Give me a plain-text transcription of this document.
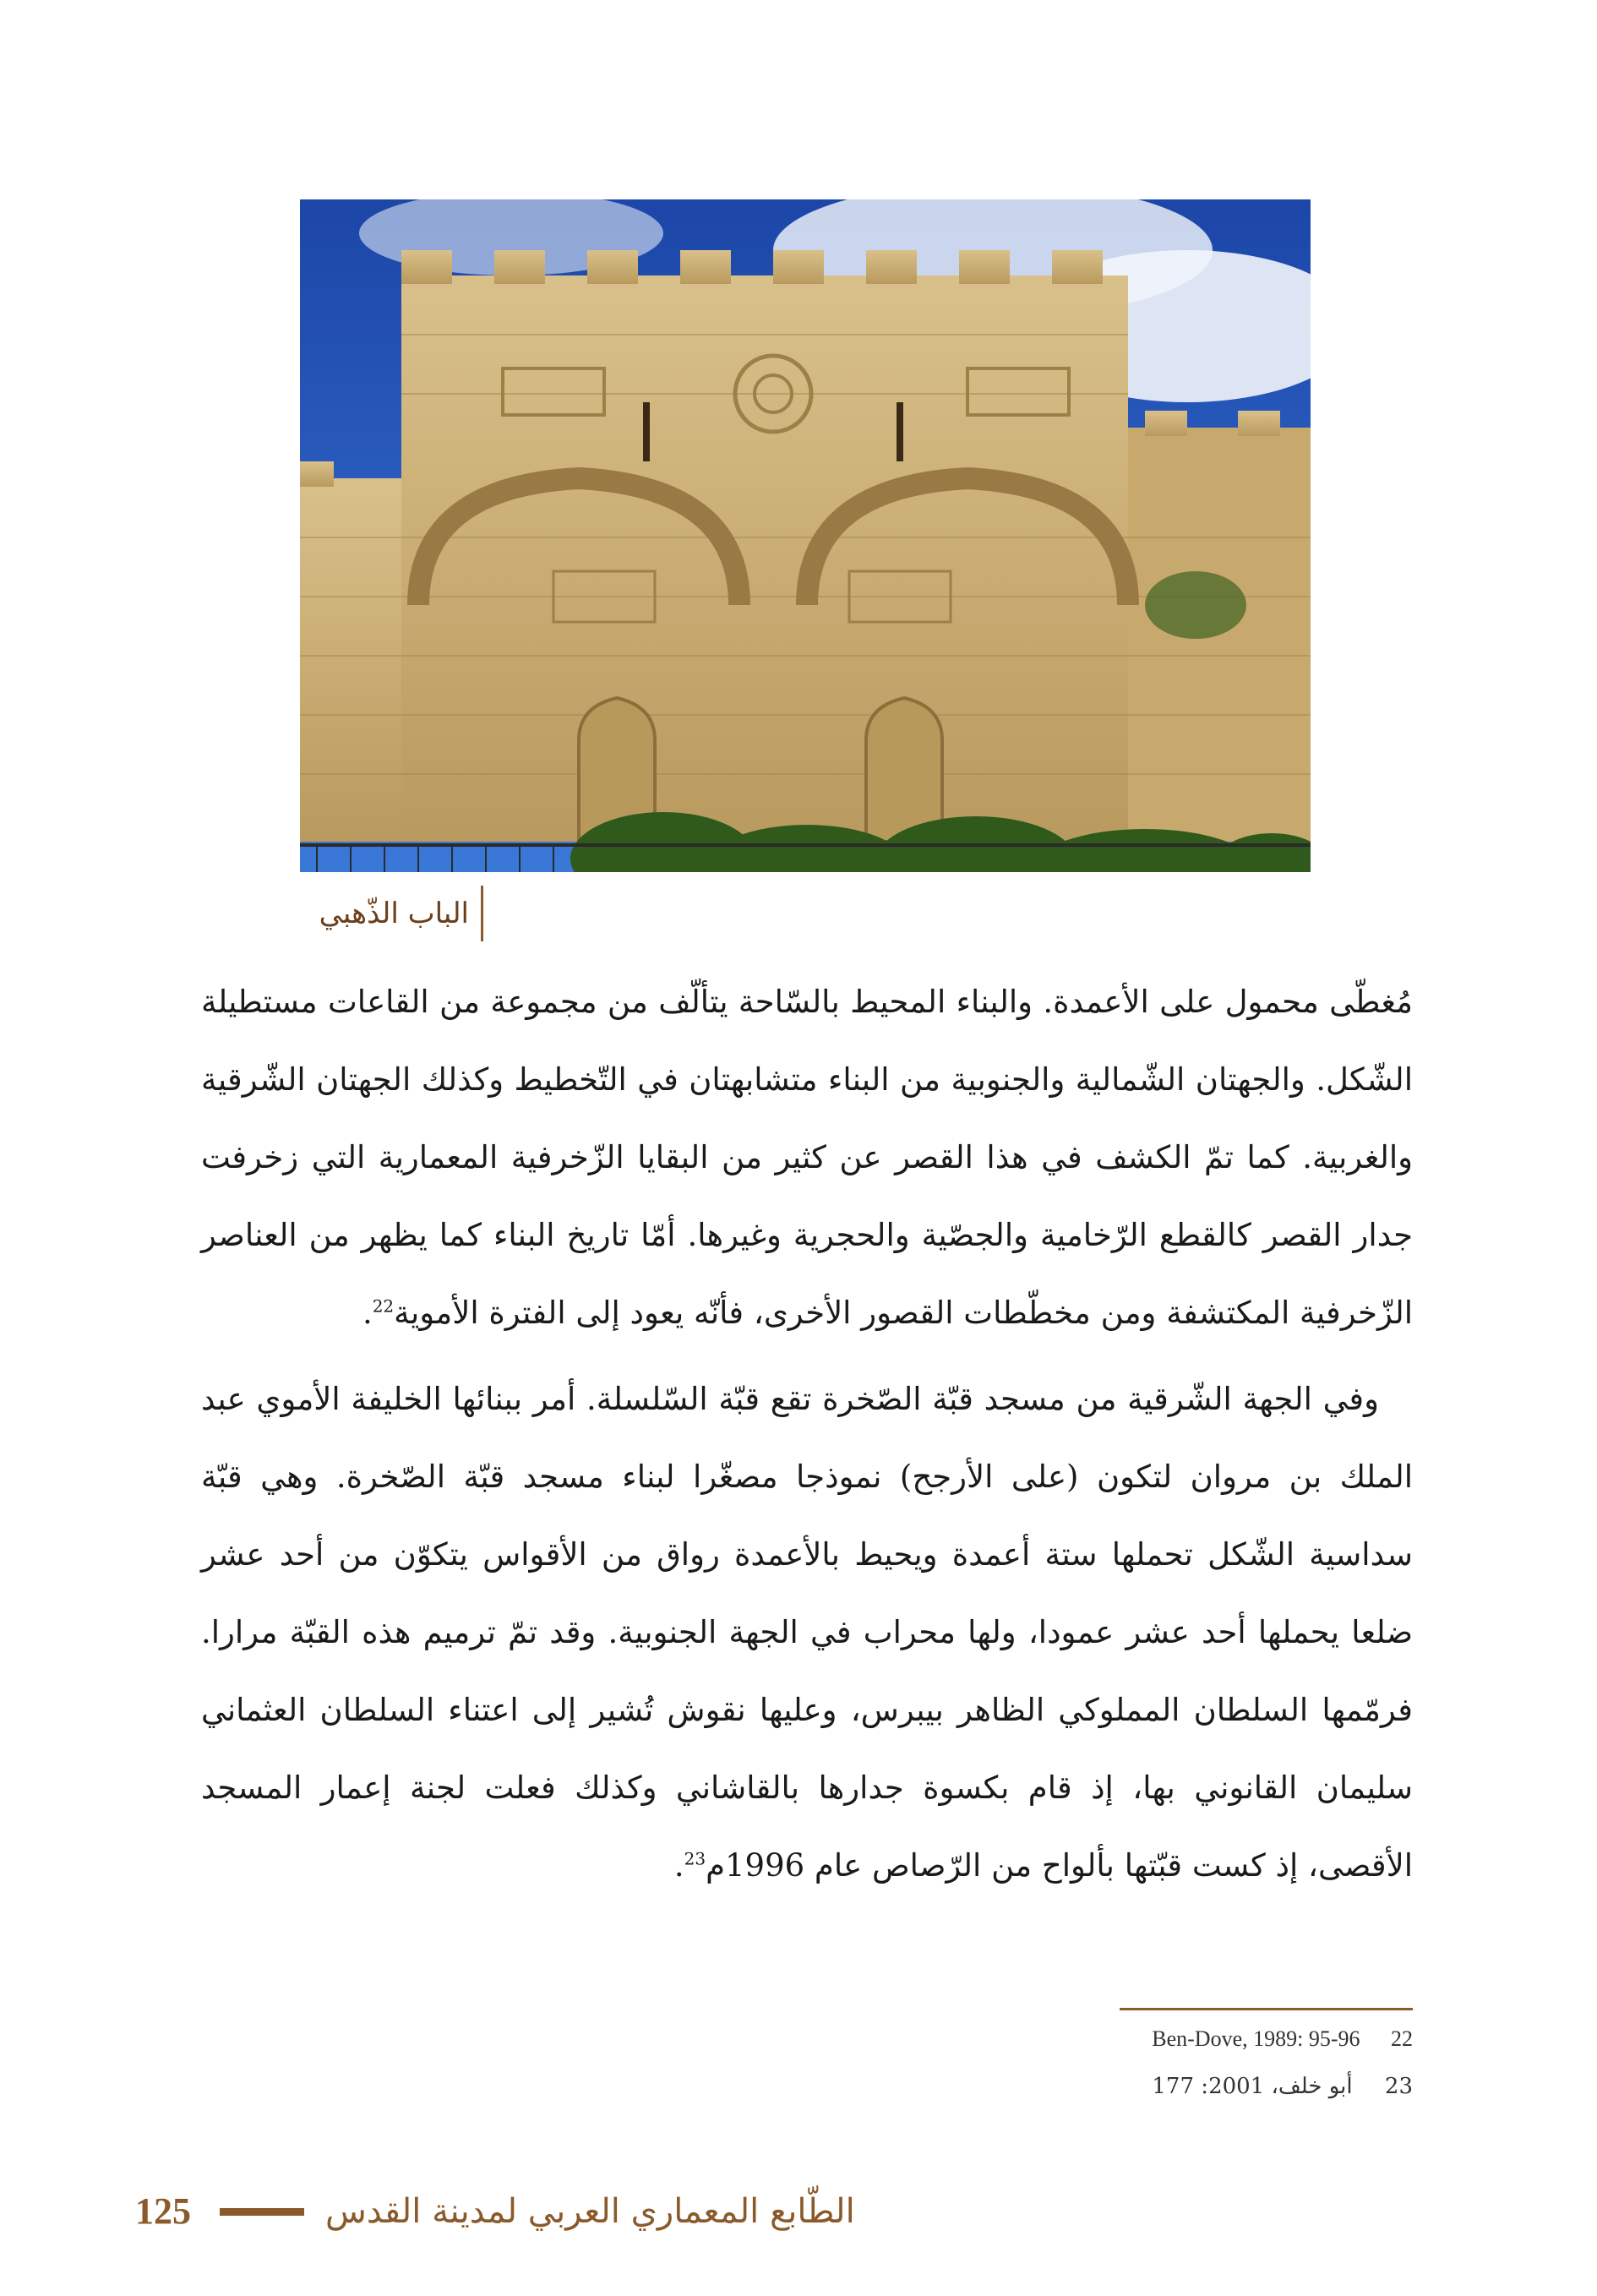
الباب الذّهبي

مُغطّى محمول على الأعمدة. والبناء المحيط بالسّاحة يتألّف من مجموعة من القاعات مستطيلة الشّكل. والجهتان الشّمالية والجنوبية من البناء متشابهتان في التّخطيط وكذلك الجهتان الشّرقية والغربية. كما تمّ الكشف في هذا القصر عن كثير من البقايا الزّخرفية المعمارية التي زخرفت جدار القصر كالقطع الرّخامية والجصّية والحجرية وغيرها. أمّا تاريخ البناء كما يظهر من العناصر الزّخرفية المكتشفة ومن مخطّطات القصور الأخرى، فأنّه يعود إلى الفترة الأموية$^{22}$.

وفي الجهة الشّرقية من مسجد قبّة الصّخرة تقع قبّة السّلسلة. أمر ببنائها الخليفة الأموي عبد الملك بن مروان لتكون (على الأرجح) نموذجا مصغّرا لبناء مسجد قبّة الصّخرة. وهي قبّة سداسية الشّكل تحملها ستة أعمدة ويحيط بالأعمدة رواق من الأقواس يتكوّن من أحد عشر ضلعا يحملها أحد عشر عمودا، ولها محراب في الجهة الجنوبية. وقد تمّ ترميم هذه القبّة مرارا. فرمّمها السلطان المملوكي الظاهر بيبرس، وعليها نقوش تُشير إلى اعتناء السلطان العثماني سليمان القانوني بها، إذ قام بكسوة جدارها بالقاشاني وكذلك فعلت لجنة إعمار المسجد الأقصى، إذ كست قبّتها بألواح من الرّصاص عام 1996م$^{23}$.

Ben-Dove, 1989: 95-96 22
23 أبو خلف، 2001: 177
125	الطّابع المعماري العربي لمدينة القدس
